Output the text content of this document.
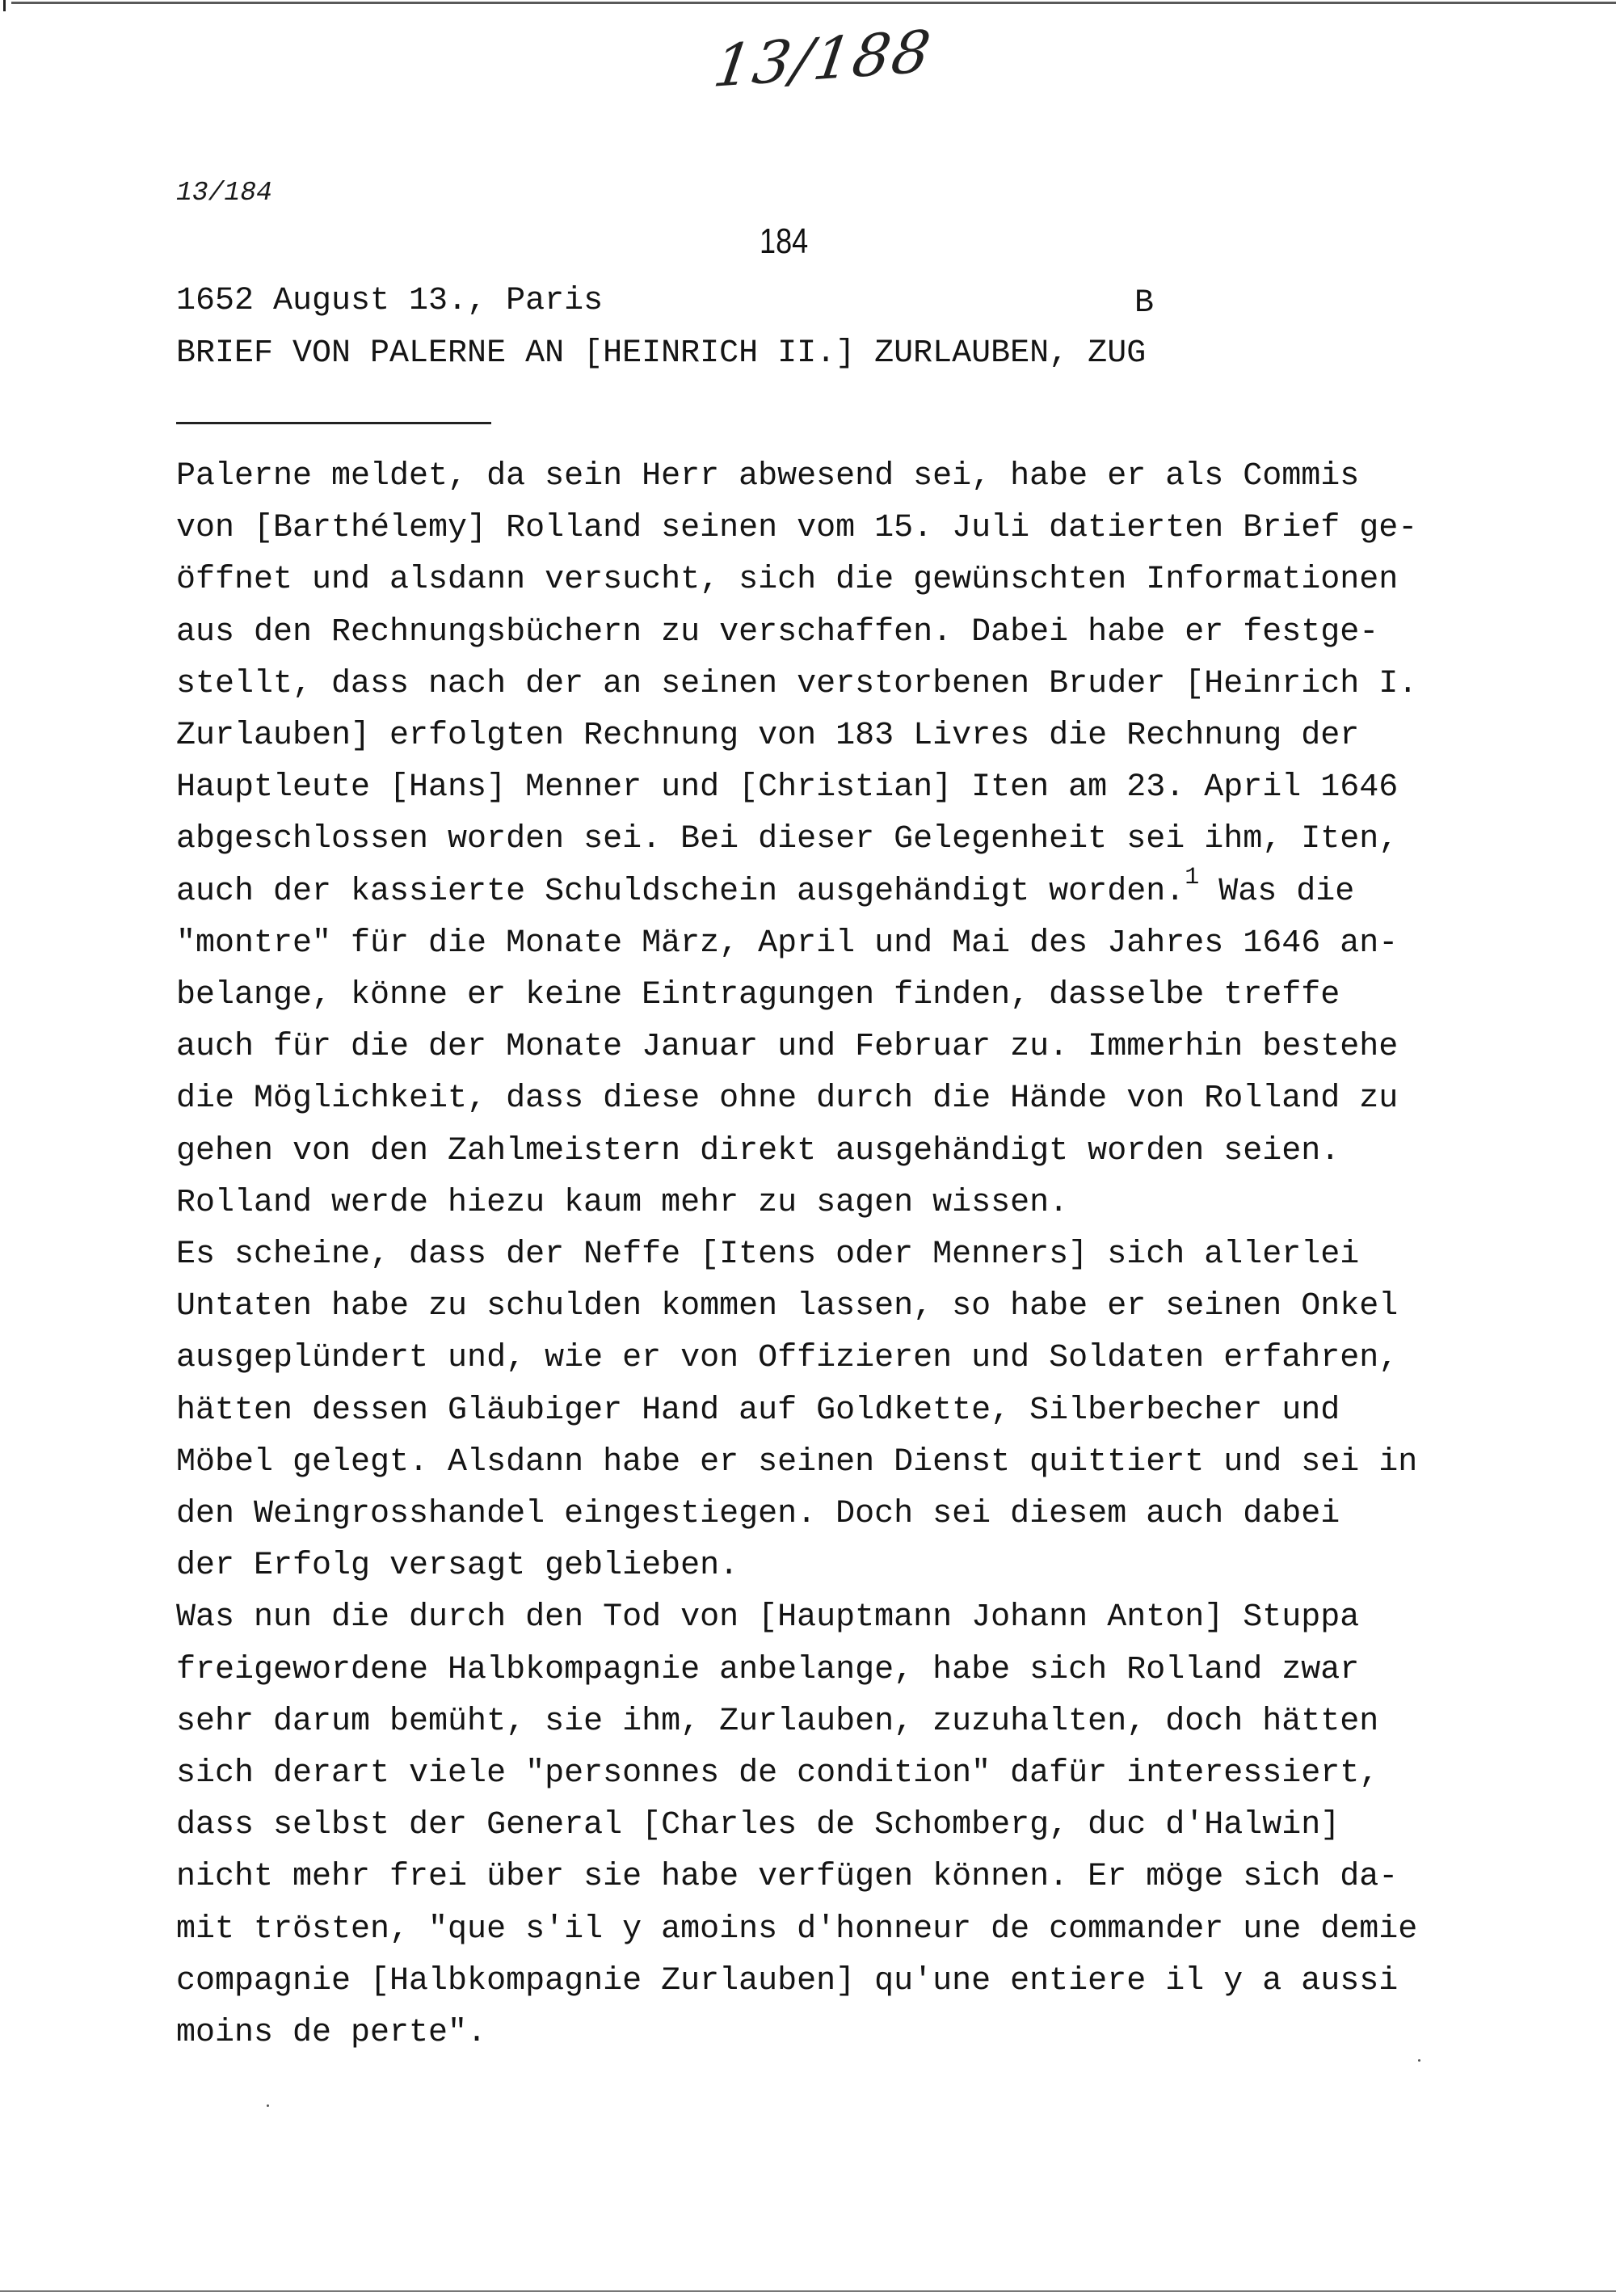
13/188
13/184
184
1652 August 13., Paris	B
BRIEF VON PALERNE AN [HEINRICH II.] ZURLAUBEN, ZUG
Palerne meldet, da sein Herr abwesend sei, habe er als Commis
von [Barthélemy] Rolland seinen vom 15. Juli datierten Brief ge-
öffnet und alsdann versucht, sich die gewünschten Informationen
aus den Rechnungsbüchern zu verschaffen. Dabei habe er festge-
stellt, dass nach der an seinen verstorbenen Bruder [Heinrich I.
Zurlauben] erfolgten Rechnung von 183 Livres die Rechnung der
Hauptleute [Hans] Menner und [Christian] Iten am 23. April 1646
abgeschlossen worden sei. Bei dieser Gelegenheit sei ihm, Iten,
auch der kassierte Schuldschein ausgehändigt worden.$^1$ Was die
"montre" für die Monate März, April und Mai des Jahres 1646 an-
belange, könne er keine Eintragungen finden, dasselbe treffe
auch für die der Monate Januar und Februar zu. Immerhin bestehe
die Möglichkeit, dass diese ohne durch die Hände von Rolland zu
gehen von den Zahlmeistern direkt ausgehändigt worden seien.
Rolland werde hiezu kaum mehr zu sagen wissen.
Es scheine, dass der Neffe [Itens oder Menners] sich allerlei
Untaten habe zu schulden kommen lassen, so habe er seinen Onkel
ausgeplündert und, wie er von Offizieren und Soldaten erfahren,
hätten dessen Gläubiger Hand auf Goldkette, Silberbecher und
Möbel gelegt. Alsdann habe er seinen Dienst quittiert und sei in
den Weingrosshandel eingestiegen. Doch sei diesem auch dabei
der Erfolg versagt geblieben.
Was nun die durch den Tod von [Hauptmann Johann Anton] Stuppa
freigewordene Halbkompagnie anbelange, habe sich Rolland zwar
sehr darum bemüht, sie ihm, Zurlauben, zuzuhalten, doch hätten
sich derart viele "personnes de condition" dafür interessiert,
dass selbst der General [Charles de Schomberg, duc d'Halwin]
nicht mehr frei über sie habe verfügen können. Er möge sich da-
mit trösten, "que s'il y amoins d'honneur de commander une demie
compagnie [Halbkompagnie Zurlauben] qu'une entiere il y a aussi
moins de perte".
